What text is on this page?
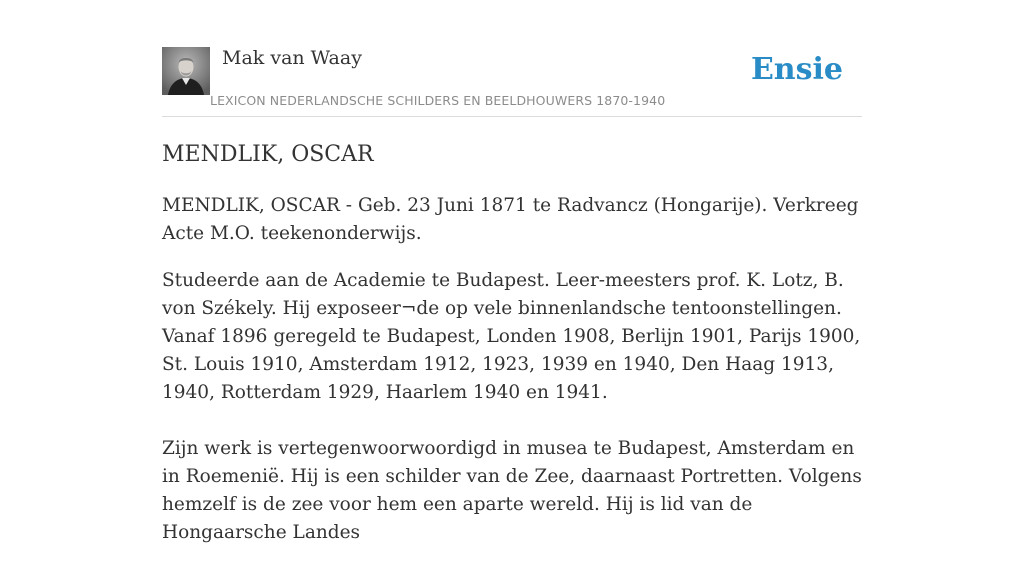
Mak van Waay
LEXICON NEDERLANDSCHE SCHILDERS EN BEELDHOUWERS 1870-1940
Ensie
MENDLIK, OSCAR

MENDLIK, OSCAR - Geb. 23 Juni 1871 te Radvancz (Hongarije). Verkreeg Acte M.O. teekenonderwijs.

Studeerde aan de Academie te Budapest. Leer-meesters prof. K. Lotz, B. von Székely. Hij exposeer¬de op vele binnenlandsche tentoonstellingen. Vanaf 1896 geregeld te Budapest, Londen 1908, Berlijn 1901, Parijs 1900, St. Louis 1910, Amsterdam 1912, 1923, 1939 en 1940, Den Haag 1913, 1940, Rotterdam 1929, Haarlem 1940 en 1941.

Zijn werk is vertegenwoorwoordigd in musea te Budapest, Amsterdam en in Roemenië. Hij is een schilder van de Zee, daarnaast Portretten. Volgens hemzelf is de zee voor hem een aparte wereld. Hij is lid van de Hongaarsche Landes
